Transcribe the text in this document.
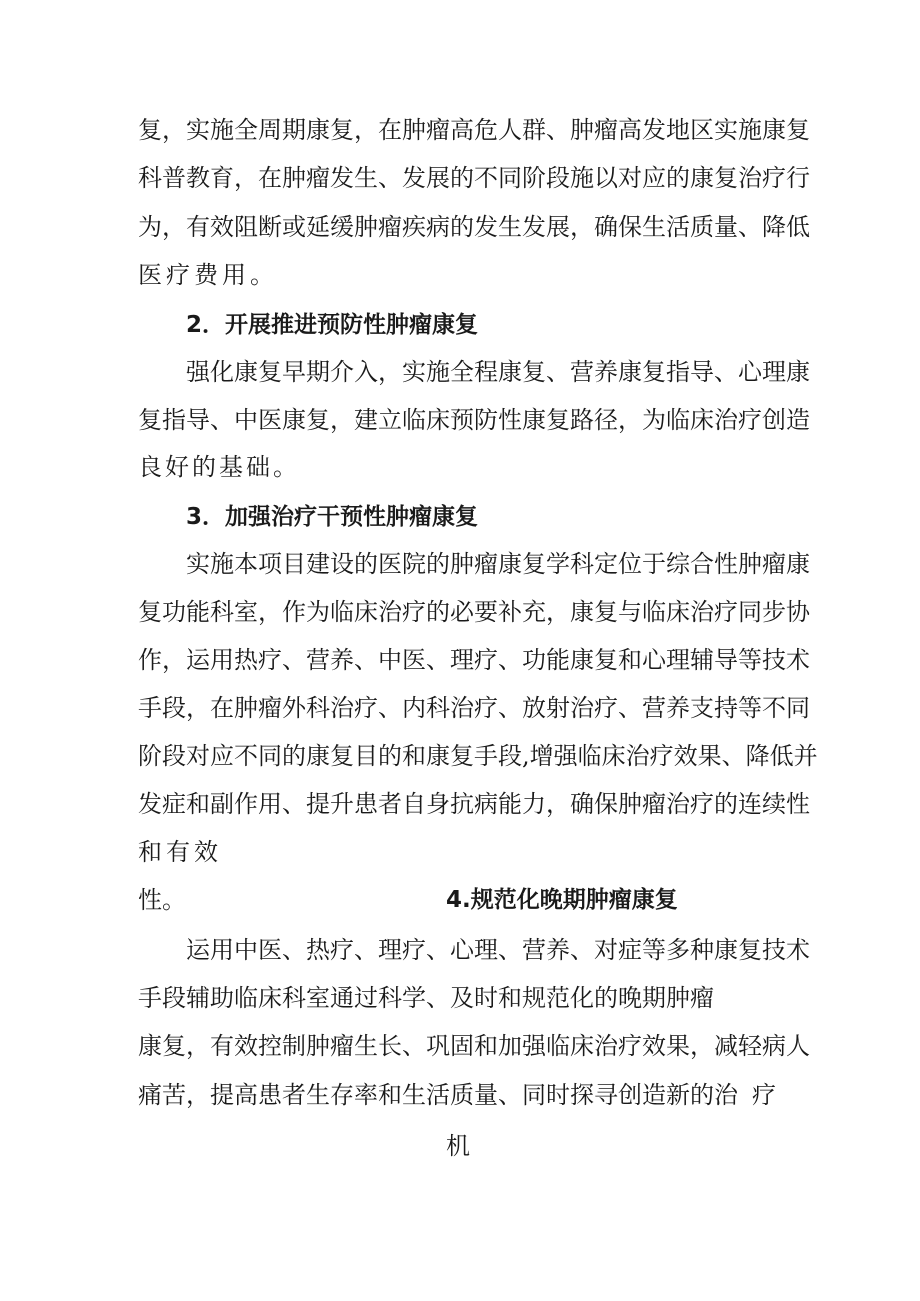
复，实施全周期康复，在肿瘤高危人群、肿瘤高发地区实施康复
科普教育，在肿瘤发生、发展的不同阶段施以对应的康复治疗行
为，有效阻断或延缓肿瘤疾病的发生发展，确保生活质量、降低
医疗费用。
2．开展推进预防性肿瘤康复
强化康复早期介入，实施全程康复、营养康复指导、心理康
复指导、中医康复，建立临床预防性康复路径，为临床治疗创造
良好的基础。
3．加强治疗干预性肿瘤康复
实施本项目建设的医院的肿瘤康复学科定位于综合性肿瘤康
复功能科室，作为临床治疗的必要补充，康复与临床治疗同步协
作，运用热疗、营养、中医、理疗、功能康复和心理辅导等技术
手段，在肿瘤外科治疗、内科治疗、放射治疗、营养支持等不同
阶段对应不同的康复目的和康复手段,增强临床治疗效果、降低并
发症和副作用、提升患者自身抗病能力，确保肿瘤治疗的连续性
和有效
性。	4.规范化晚期肿瘤康复
运用中医、热疗、理疗、心理、营养、对症等多种康复技术
手段辅助临床科室通过科学、及时和规范化的晚期肿瘤
康复，有效控制肿瘤生长、巩固和加强临床治疗效果，减轻病人
痛苦，提高患者生存率和生活质量、同时探寻创造新的治 疗
机
